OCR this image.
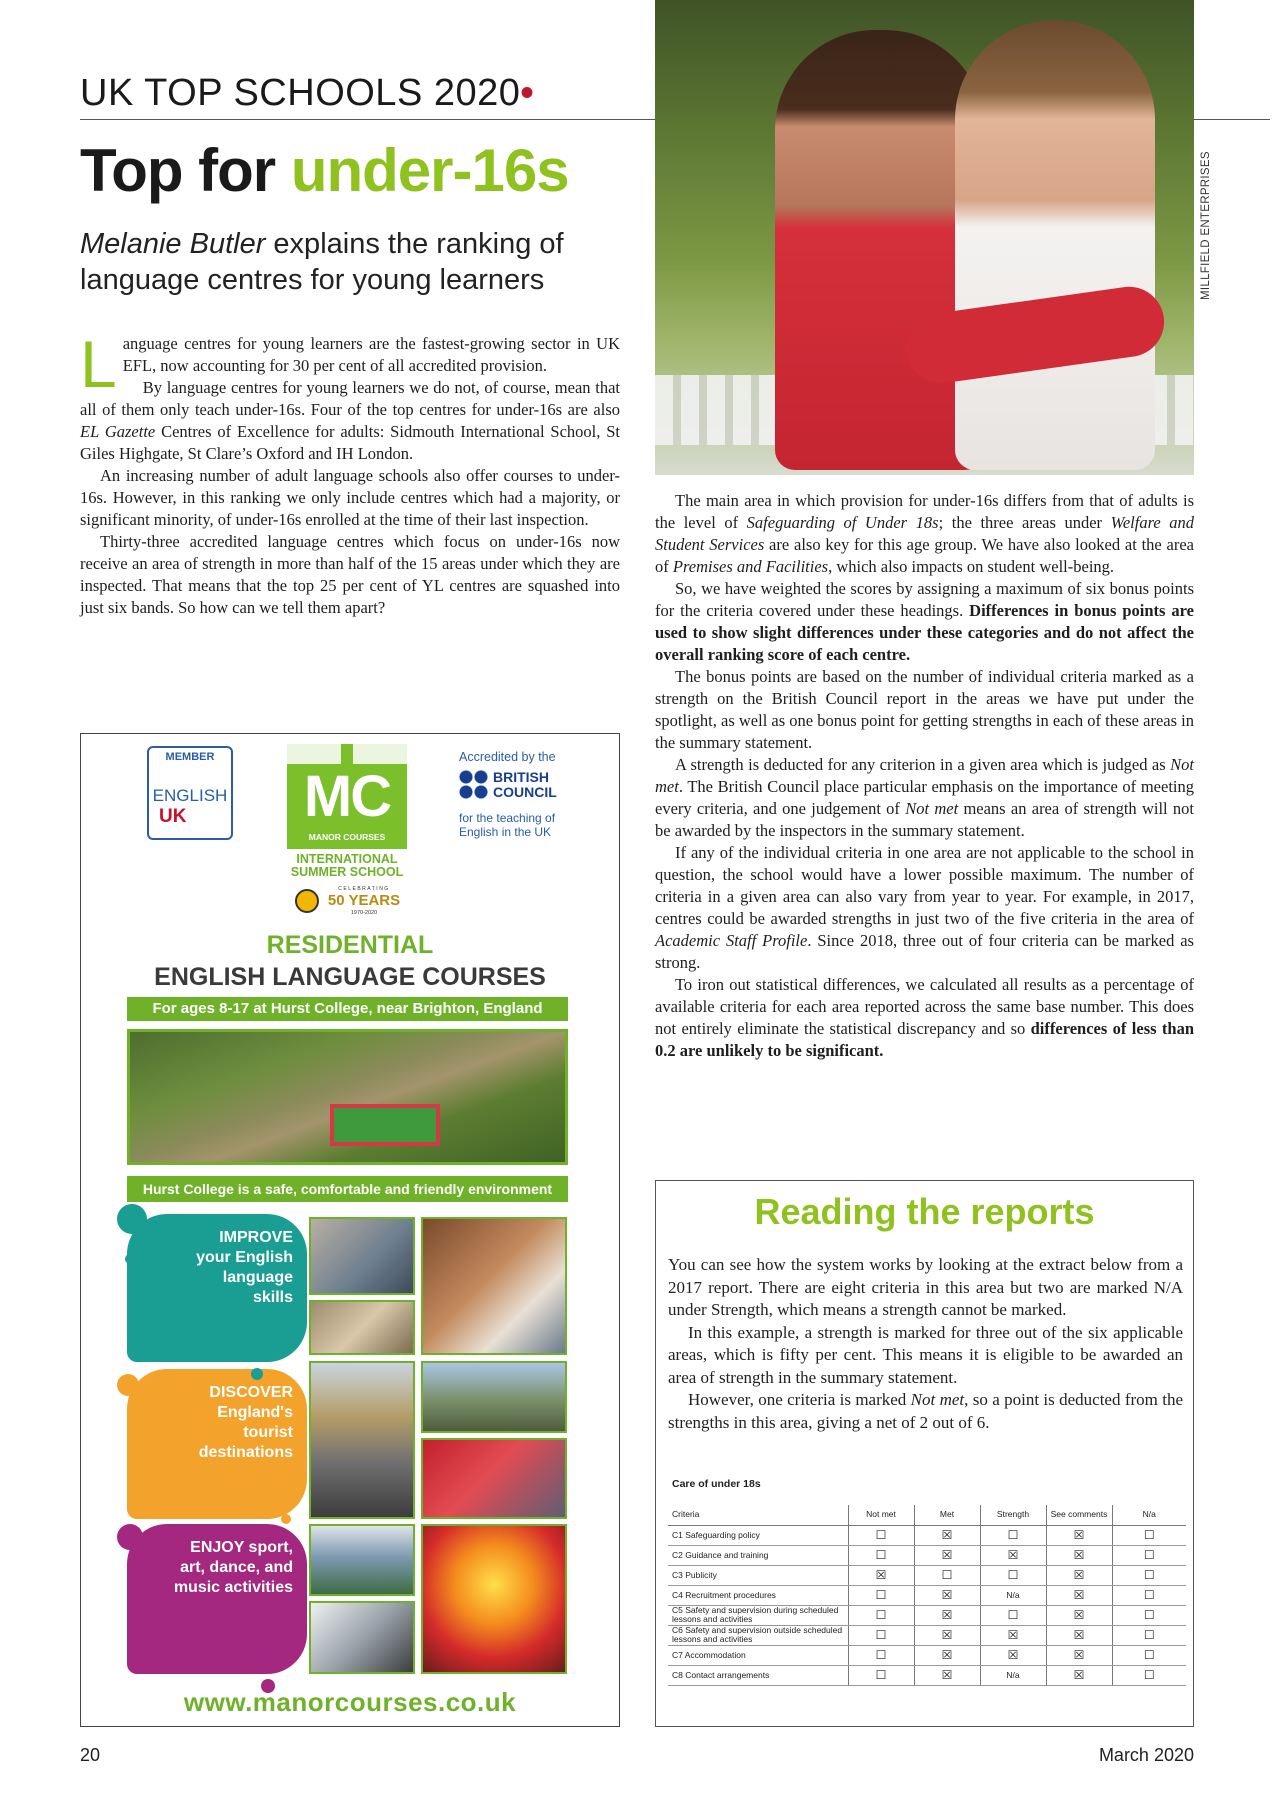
UK TOP SCHOOLS 2020•
Top for under-16s
Melanie Butler explains the ranking of language centres for young learners	MILLFIELD ENTERPRISES

Language centres for young learners are the fastest-growing sector in UK EFL, now accounting for 30 per cent of all accredited provision.

By language centres for young learners we do not, of course, mean that all of them only teach under-16s. Four of the top centres for under-16s are also EL Gazette Centres of Excellence for adults: Sidmouth International School, St Giles Highgate, St Clare’s Oxford and IH London.

An increasing number of adult language schools also offer courses to under-16s. However, in this ranking we only include centres which had a majority, or significant minority, of under-16s enrolled at the time of their last inspection.

Thirty-three accredited language centres which focus on under-16s now receive an area of strength in more than half of the 15 areas under which they are inspected. That means that the top 25 per cent of YL centres are squashed into just six bands. So how can we tell them apart?

The main area in which provision for under-16s differs from that of adults is the level of Safeguarding of Under 18s; the three areas under Welfare and Student Services are also key for this age group. We have also looked at the area of Premises and Facilities, which also impacts on student well-being.

So, we have weighted the scores by assigning a maximum of six bonus points for the criteria covered under these headings. Differences in bonus points are used to show slight differences under these categories and do not affect the overall ranking score of each centre.

The bonus points are based on the number of individual criteria marked as a strength on the British Council report in the areas we have put under the spotlight, as well as one bonus point for getting strengths in each of these areas in the summary statement.

A strength is deducted for any criterion in a given area which is judged as Not met. The British Council place particular emphasis on the importance of meeting every criteria, and one judgement of Not met means an area of strength will not be awarded by the inspectors in the summary statement.

If any of the individual criteria in one area are not applicable to the school in question, the school would have a lower possible maximum. The number of criteria in a given area can also vary from year to year. For example, in 2017, centres could be awarded strengths in just two of the five criteria in the area of Academic Staff Profile. Since 2018, three out of four criteria can be marked as strong.

To iron out statistical differences, we calculated all results as a percentage of available criteria for each area reported across the same base number. This does not entirely eliminate the statistical discrepancy and so differences of less than 0.2 are unlikely to be significant.

MEMBER
ENGLISH
UK MC
MANOR COURSES
INTERNATIONAL
SUMMER SCHOOL
CELEBRATING
50 YEARS
1970-2020
Accredited by the
BRITISH
COUNCIL
for the teaching of English in the UK
RESIDENTIAL
ENGLISH LANGUAGE COURSES
For ages 8-17 at Hurst College, near Brighton, England
Hurst College is a safe, comfortable and friendly environment
IMPROVE
your English
language
skills
DISCOVER
England's
tourist
destinations
ENJOY sport,
art, dance, and
music activities
www.manorcourses.co.uk
Reading the reports

You can see how the system works by looking at the extract below from a 2017 report. There are eight criteria in this area but two are marked N/A under Strength, which means a strength cannot be marked.

In this example, a strength is marked for three out of the six applicable areas, which is fifty per cent. This means it is eligible to be awarded an area of strength in the summary statement.

However, one criteria is marked Not met, so a point is deducted from the strengths in this area, giving a net of 2 out of 6.

Care of under 18s
Criteria	Not met	Met	Strength	See comments	N/a
C1 Safeguarding policy	☐	☒	☐	☒	☐
C2 Guidance and training	☐	☒	☒	☒	☐
C3 Publicity	☒	☐	☐	☒	☐
C4 Recruitment procedures	☐	☒	N/a	☒	☐
C5 Safety and supervision during scheduled lessons and activities	☐	☒	☐	☒	☐
C6 Safety and supervision outside scheduled lessons and activities	☐	☒	☒	☒	☐
C7 Accommodation	☐	☒	☒	☒	☐
C8 Contact arrangements	☐	☒	N/a	☒	☐
20	March 2020
